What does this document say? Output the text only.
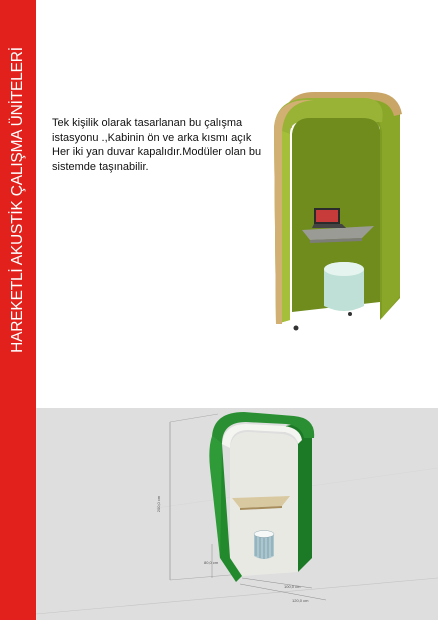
HAREKETLİ AKUSTİK ÇALIŞMA ÜNİTELERİ Tek kişilik olarak tasarlanan bu çalışma

istasyonu .,Kabinin ön ve arka kısmı açık

Her iki yan duvar kapalıdır.Modüler olan bu

sistemde taşınabilir.

200,0 cm
80,0 cm
100,0 cm
120,0 cm
